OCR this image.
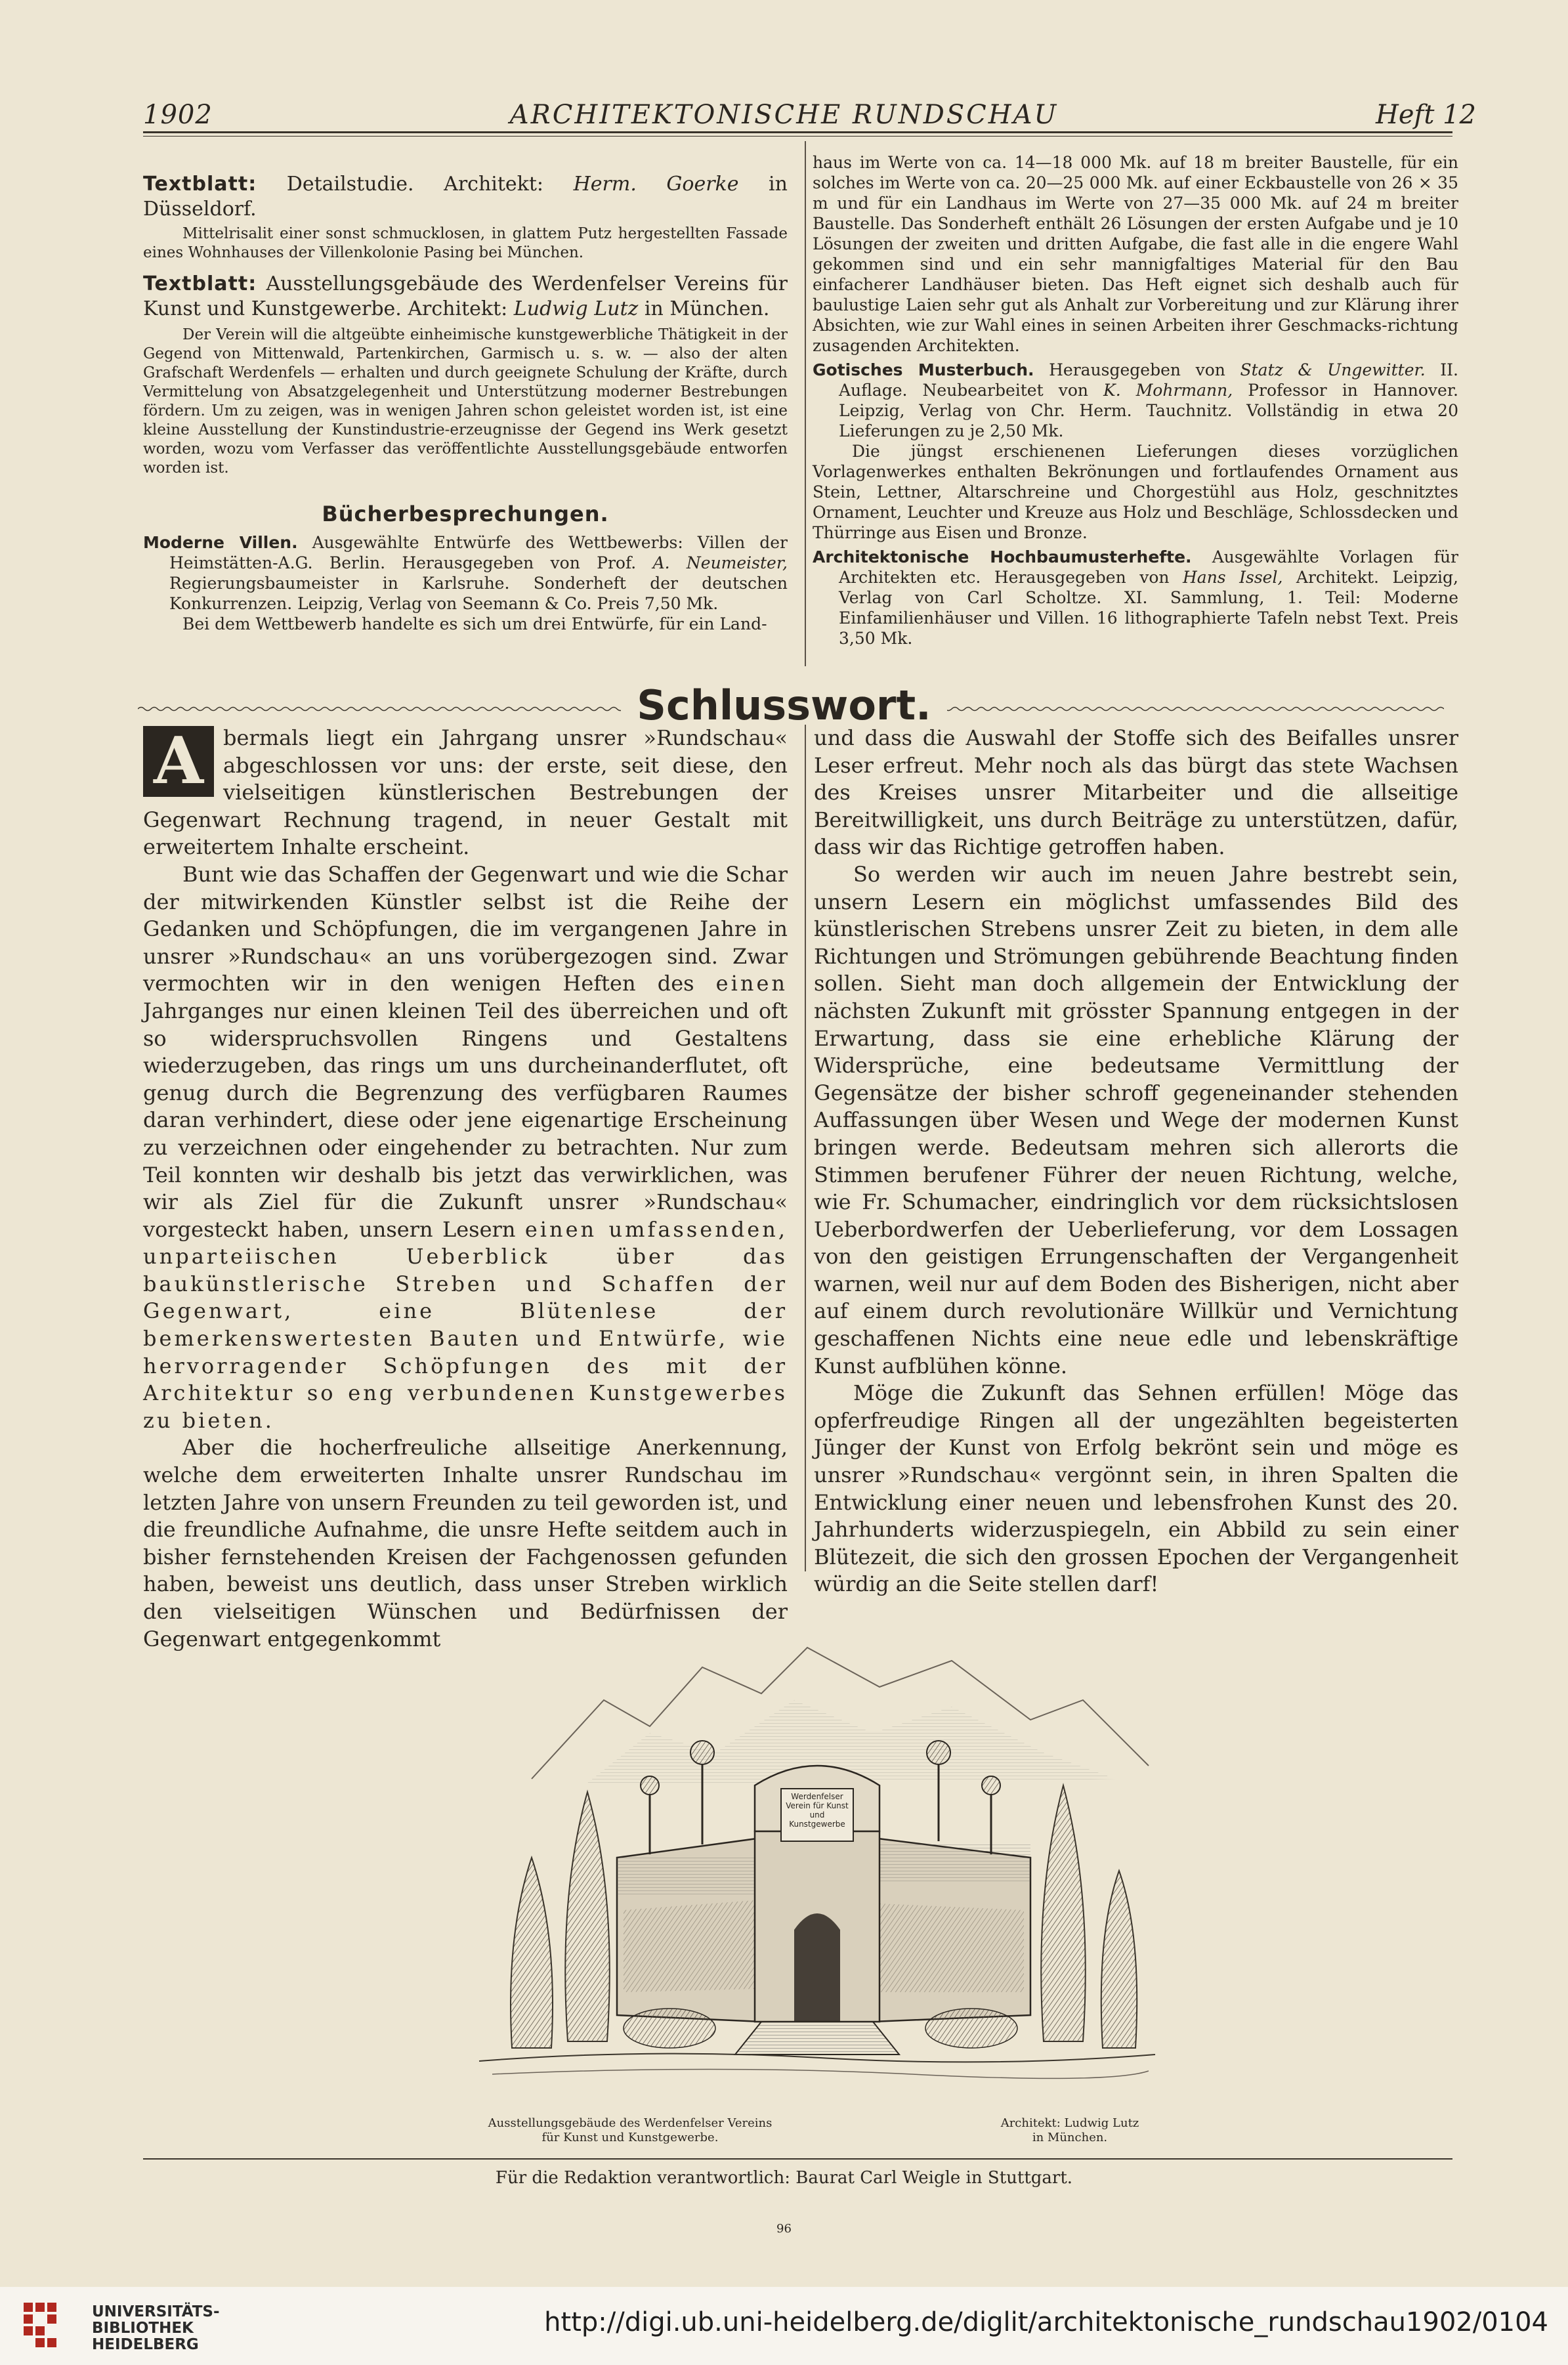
1902	ARCHITEKTONISCHE RUNDSCHAU	Heft 12

Textblatt: Detailstudie. Architekt: Herm. Goerke in Düsseldorf.

Mittelrisalit einer sonst schmucklosen, in glattem Putz hergestellten Fassade eines Wohnhauses der Villenkolonie Pasing bei München.

Textblatt: Ausstellungsgebäude des Werdenfelser Vereins für Kunst und Kunstgewerbe. Architekt: Ludwig Lutz in München.

Der Verein will die altgeübte einheimische kunstgewerbliche Thätigkeit in der Gegend von Mittenwald, Partenkirchen, Garmisch u. s. w. — also der alten Grafschaft Werdenfels — erhalten und durch geeignete Schulung der Kräfte, durch Vermittelung von Absatzgelegenheit und Unterstützung moderner Bestrebungen fördern. Um zu zeigen, was in wenigen Jahren schon geleistet worden ist, ist eine kleine Ausstellung der Kunstindustrie-erzeugnisse der Gegend ins Werk gesetzt worden, wozu vom Verfasser das veröffentlichte Ausstellungsgebäude entworfen worden ist.

Bücherbesprechungen.

Moderne Villen. Ausgewählte Entwürfe des Wettbewerbs: Villen der Heimstätten-A.G. Berlin. Herausgegeben von Prof. A. Neumeister, Regierungsbaumeister in Karlsruhe. Sonderheft der deutschen Konkurrenzen. Leipzig, Verlag von Seemann & Co. Preis 7,50 Mk.

Bei dem Wettbewerb handelte es sich um drei Entwürfe, für ein Land-

haus im Werte von ca. 14—18 000 Mk. auf 18 m breiter Baustelle, für ein solches im Werte von ca. 20—25 000 Mk. auf einer Eckbaustelle von 26 × 35 m und für ein Landhaus im Werte von 27—35 000 Mk. auf 24 m breiter Baustelle. Das Sonderheft enthält 26 Lösungen der ersten Aufgabe und je 10 Lösungen der zweiten und dritten Aufgabe, die fast alle in die engere Wahl gekommen sind und ein sehr mannigfaltiges Material für den Bau einfacherer Landhäuser bieten. Das Heft eignet sich deshalb auch für baulustige Laien sehr gut als Anhalt zur Vorbereitung und zur Klärung ihrer Absichten, wie zur Wahl eines in seinen Arbeiten ihrer Geschmacks-richtung zusagenden Architekten.

Gotisches Musterbuch. Herausgegeben von Statz & Ungewitter. II. Auflage. Neubearbeitet von K. Mohrmann, Professor in Hannover. Leipzig, Verlag von Chr. Herm. Tauchnitz. Vollständig in etwa 20 Lieferungen zu je 2,50 Mk.

Die jüngst erschienenen Lieferungen dieses vorzüglichen Vorlagenwerkes enthalten Bekrönungen und fortlaufendes Ornament aus Stein, Lettner, Altarschreine und Chorgestühl aus Holz, geschnitztes Ornament, Leuchter und Kreuze aus Holz und Beschläge, Schlossdecken und Thürringe aus Eisen und Bronze.

Architektonische Hochbaumusterhefte. Ausgewählte Vorlagen für Architekten etc. Herausgegeben von Hans Issel, Architekt. Leipzig, Verlag von Carl Scholtze. XI. Sammlung, 1. Teil: Moderne Einfamilienhäuser und Villen. 16 lithographierte Tafeln nebst Text. Preis 3,50 Mk.

Schlusswort.

A bermals liegt ein Jahrgang unsrer »Rundschau« abgeschlossen vor uns: der erste, seit diese, den vielseitigen künstlerischen Bestrebungen der Gegenwart Rechnung tragend, in neuer Gestalt mit erweitertem Inhalte erscheint.

Bunt wie das Schaffen der Gegenwart und wie die Schar der mitwirkenden Künstler selbst ist die Reihe der Gedanken und Schöpfungen, die im vergangenen Jahre in unsrer »Rundschau« an uns vorübergezogen sind. Zwar vermochten wir in den wenigen Heften des einen Jahrganges nur einen kleinen Teil des überreichen und oft so widerspruchsvollen Ringens und Gestaltens wiederzugeben, das rings um uns durcheinanderflutet, oft genug durch die Begrenzung des verfügbaren Raumes daran verhindert, diese oder jene eigenartige Erscheinung zu verzeichnen oder eingehender zu betrachten. Nur zum Teil konnten wir deshalb bis jetzt das verwirklichen, was wir als Ziel für die Zukunft unsrer »Rundschau« vorgesteckt haben, unsern Lesern einen umfassenden, unparteiischen Ueberblick über das baukünstlerische Streben und Schaffen der Gegenwart, eine Blütenlese der bemerkenswertesten Bauten und Entwürfe, wie hervorragender Schöpfungen des mit der Architektur so eng verbundenen Kunstgewerbes zu bieten.

Aber die hocherfreuliche allseitige Anerkennung, welche dem erweiterten Inhalte unsrer Rundschau im letzten Jahre von unsern Freunden zu teil geworden ist, und die freundliche Aufnahme, die unsre Hefte seitdem auch in bisher fernstehenden Kreisen der Fachgenossen gefunden haben, beweist uns deutlich, dass unser Streben wirklich den vielseitigen Wünschen und Bedürfnissen der Gegenwart entgegenkommt

und dass die Auswahl der Stoffe sich des Beifalles unsrer Leser erfreut. Mehr noch als das bürgt das stete Wachsen des Kreises unsrer Mitarbeiter und die allseitige Bereitwilligkeit, uns durch Beiträge zu unterstützen, dafür, dass wir das Richtige getroffen haben.

So werden wir auch im neuen Jahre bestrebt sein, unsern Lesern ein möglichst umfassendes Bild des künstlerischen Strebens unsrer Zeit zu bieten, in dem alle Richtungen und Strömungen gebührende Beachtung finden sollen. Sieht man doch allgemein der Entwicklung der nächsten Zukunft mit grösster Spannung entgegen in der Erwartung, dass sie eine erhebliche Klärung der Widersprüche, eine bedeutsame Vermittlung der Gegensätze der bisher schroff gegeneinander stehenden Auffassungen über Wesen und Wege der modernen Kunst bringen werde. Bedeutsam mehren sich allerorts die Stimmen berufener Führer der neuen Richtung, welche, wie Fr. Schumacher, eindringlich vor dem rücksichtslosen Ueberbordwerfen der Ueberlieferung, vor dem Lossagen von den geistigen Errungenschaften der Vergangenheit warnen, weil nur auf dem Boden des Bisherigen, nicht aber auf einem durch revolutionäre Willkür und Vernichtung geschaffenen Nichts eine neue edle und lebenskräftige Kunst aufblühen könne.

Möge die Zukunft das Sehnen erfüllen! Möge das opferfreudige Ringen all der ungezählten begeisterten Jünger der Kunst von Erfolg bekrönt sein und möge es unsrer »Rundschau« vergönnt sein, in ihren Spalten die Entwicklung einer neuen und lebensfrohen Kunst des 20. Jahrhunderts widerzuspiegeln, ein Abbild zu sein einer Blütezeit, die sich den grossen Epochen der Vergangenheit würdig an die Seite stellen darf!

Werdenfelser Verein für Kunst und Kunstgewerbe
Ausstellungsgebäude des Werdenfelser Vereins
für Kunst und Kunstgewerbe.
Architekt: Ludwig Lutz
in München.
Für die Redaktion verantwortlich: Baurat Carl Weigle in Stuttgart.
96
UNIVERSITÄTS-
BIBLIOTHEK
HEIDELBERG
http://digi.ub.uni-heidelberg.de/diglit/architektonische_rundschau1902/0104
